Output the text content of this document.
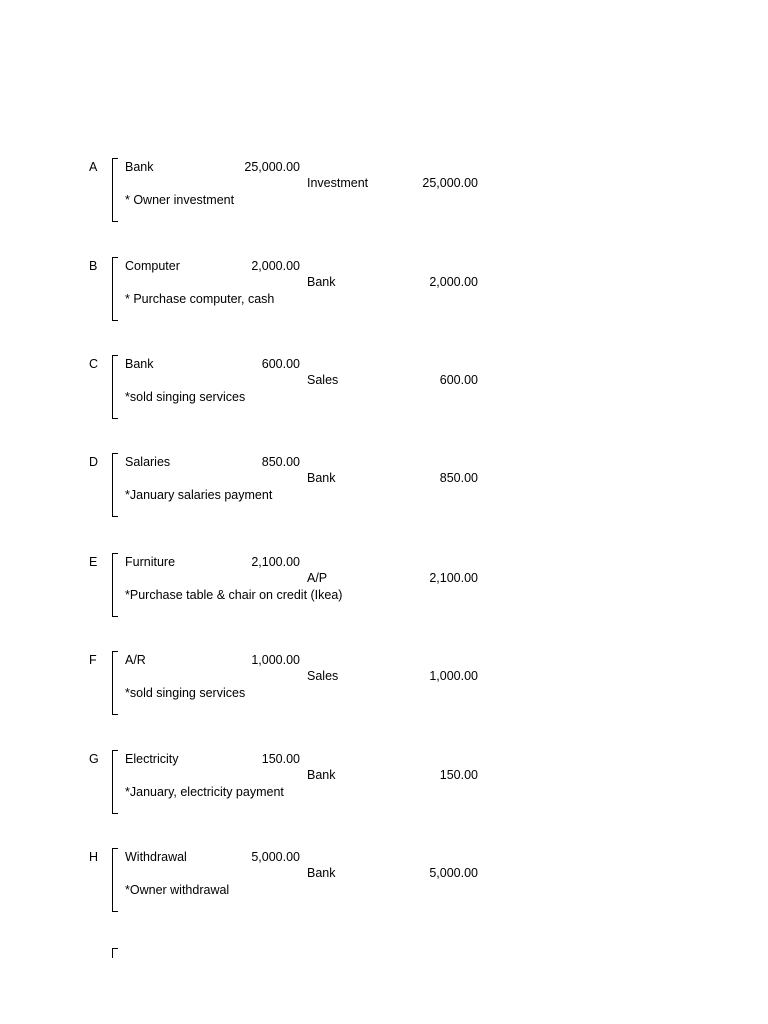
A Bank	25,000.00
Investment	25,000.00
* Owner investment
B Computer	2,000.00
Bank	2,000.00
* Purchase computer, cash
C Bank	600.00
Sales	600.00
*sold singing services
D Salaries	850.00
Bank	850.00
*January salaries payment
E Furniture	2,100.00
A/P	2,100.00
*Purchase table & chair on credit (Ikea)
F A/R	1,000.00
Sales	1,000.00
*sold singing services
G Electricity	150.00
Bank	150.00
*January, electricity payment
H Withdrawal	5,000.00
Bank	5,000.00
*Owner withdrawal
